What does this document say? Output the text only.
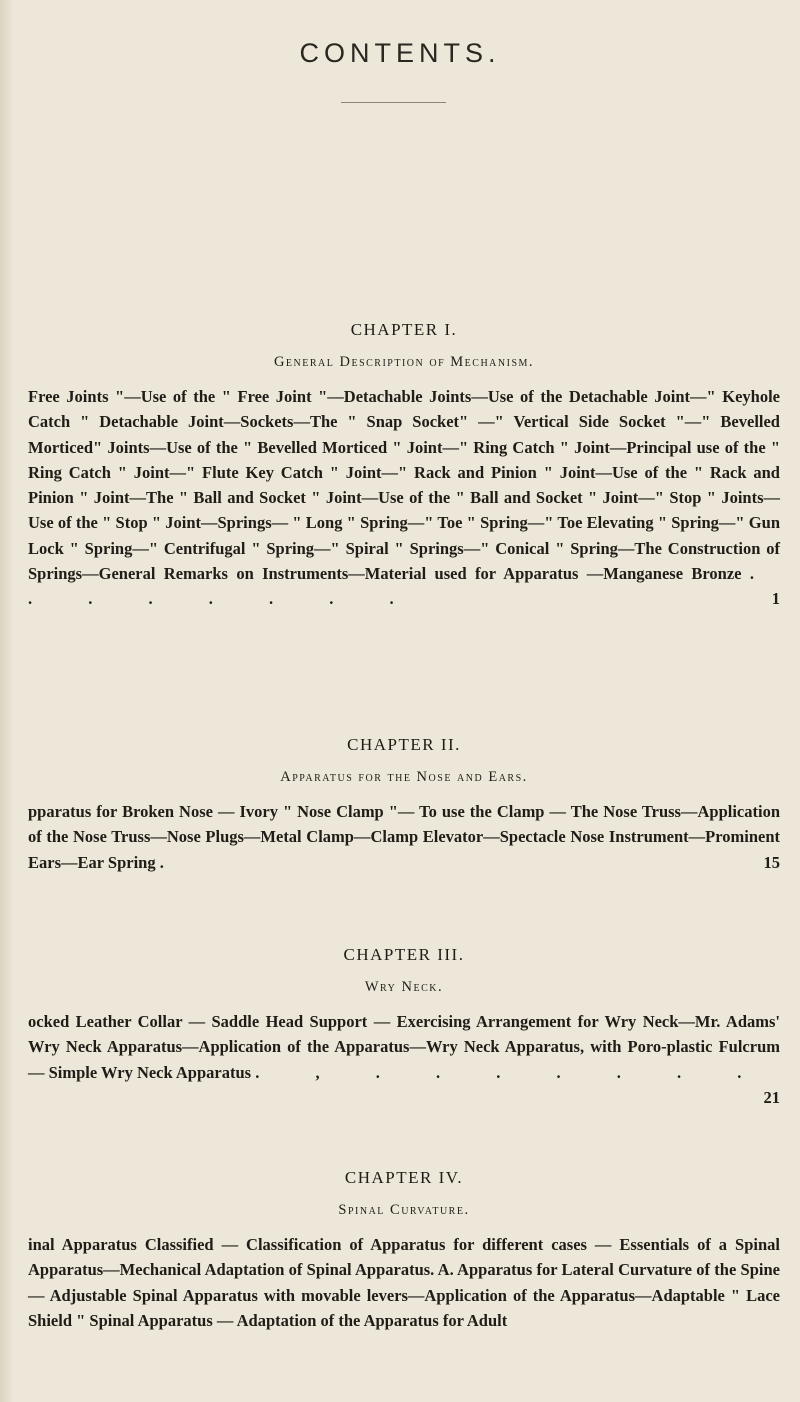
CONTENTS.
CHAPTER I.
General Description of Mechanism.
Free Joints "—Use of the " Free Joint "—Detachable Joints—Use of the Detachable Joint—" Keyhole Catch " Detachable Joint—Sockets—The " Snap Socket" —" Vertical Side Socket "—" Bevelled Morticed" Joints—Use of the " Bevelled Morticed " Joint—" Ring Catch " Joint—Principal use of the " Ring Catch " Joint—" Flute Key Catch " Joint—" Rack and Pinion " Joint—Use of the " Rack and Pinion " Joint—The " Ball and Socket " Joint—Use of the " Ball and Socket " Joint—" Stop " Joints—Use of the " Stop " Joint—Springs— " Long " Spring—" Toe " Spring—" Toe Elevating " Spring—" Gun Lock " Spring—" Centrifugal " Spring—" Spiral " Springs—" Conical " Spring—The Construction of Springs—General Remarks on Instruments—Material used for Apparatus —Manganese Bronze . . . . . . . .	1
CHAPTER II.
Apparatus for the Nose and Ears.
pparatus for Broken Nose — Ivory " Nose Clamp "— To use the Clamp — The Nose Truss—Application of the Nose Truss—Nose Plugs—Metal Clamp—Clamp Elevator—Spectacle Nose Instrument—Prominent Ears—Ear Spring .	15
CHAPTER III.
Wry Neck.
ocked Leather Collar — Saddle Head Support — Exercising Arrangement for Wry Neck—Mr. Adams' Wry Neck Apparatus—Application of the Apparatus—Wry Neck Apparatus, with Poro-plastic Fulcrum — Simple Wry Neck Apparatus . , . . . . . . .
21
CHAPTER IV.
Spinal Curvature.
inal Apparatus Classified — Classification of Apparatus for different cases — Essentials of a Spinal Apparatus—Mechanical Adaptation of Spinal Apparatus. A. Apparatus for Lateral Curvature of the Spine — Adjustable Spinal Apparatus with movable levers—Application of the Apparatus—Adaptable " Lace Shield " Spinal Apparatus — Adaptation of the Apparatus for Adult
